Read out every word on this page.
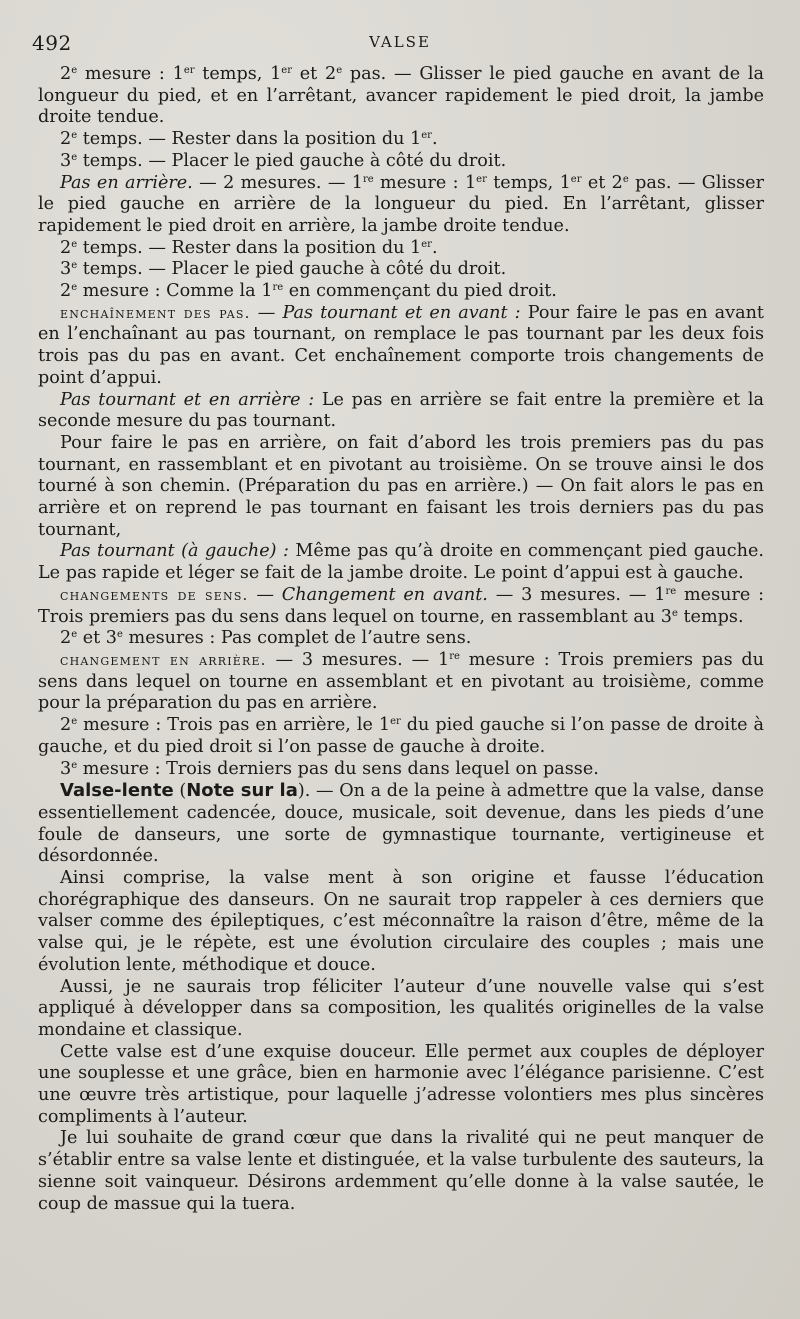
492	VALSE

2e mesure : 1er temps, 1er et 2e pas. — Glisser le pied gauche en avant de la longueur du pied, et en l’arrêtant, avancer rapidement le pied droit, la jambe droite tendue.

2e temps. — Rester dans la position du 1er.

3e temps. — Placer le pied gauche à côté du droit.

Pas en arrière. — 2 mesures. — 1re mesure : 1er temps, 1er et 2e pas. — Glisser le pied gauche en arrière de la longueur du pied. En l’arrêtant, glisser rapidement le pied droit en arrière, la jambe droite tendue.

2e temps. — Rester dans la position du 1er.

3e temps. — Placer le pied gauche à côté du droit.

2e mesure : Comme la 1re en commençant du pied droit.

enchaînement des pas. — Pas tournant et en avant : Pour faire le pas en avant en l’enchaînant au pas tournant, on remplace le pas tournant par les deux fois trois pas du pas en avant. Cet enchaînement comporte trois changements de point d’appui.

Pas tournant et en arrière : Le pas en arrière se fait entre la première et la seconde mesure du pas tournant.

Pour faire le pas en arrière, on fait d’abord les trois premiers pas du pas tournant, en rassemblant et en pivotant au troisième. On se trouve ainsi le dos tourné à son chemin. (Préparation du pas en arrière.) — On fait alors le pas en arrière et on reprend le pas tournant en faisant les trois derniers pas du pas tournant,

Pas tournant (à gauche) : Même pas qu’à droite en commençant pied gauche. Le pas rapide et léger se fait de la jambe droite. Le point d’appui est à gauche.

changements de sens. — Changement en avant. — 3 mesures. — 1re mesure : Trois premiers pas du sens dans lequel on tourne, en rassemblant au 3e temps.

2e et 3e mesures : Pas complet de l’autre sens.

changement en arrière. — 3 mesures. — 1re mesure : Trois premiers pas du sens dans lequel on tourne en assemblant et en pivotant au troisième, comme pour la préparation du pas en arrière.

2e mesure : Trois pas en arrière, le 1er du pied gauche si l’on passe de droite à gauche, et du pied droit si l’on passe de gauche à droite.

3e mesure : Trois derniers pas du sens dans lequel on passe.

Valse-lente (Note sur la). — On a de la peine à admettre que la valse, danse essentiellement cadencée, douce, musicale, soit devenue, dans les pieds d’une foule de danseurs, une sorte de gymnastique tournante, vertigineuse et désordonnée.

Ainsi comprise, la valse ment à son origine et fausse l’éducation chorégraphique des danseurs. On ne saurait trop rappeler à ces derniers que valser comme des épileptiques, c’est méconnaître la raison d’être, même de la valse qui, je le répète, est une évolution circulaire des couples ; mais une évolution lente, méthodique et douce.

Aussi, je ne saurais trop féliciter l’auteur d’une nouvelle valse qui s’est appliqué à développer dans sa composition, les qualités originelles de la valse mondaine et classique.

Cette valse est d’une exquise douceur. Elle permet aux couples de déployer une souplesse et une grâce, bien en harmonie avec l’élégance parisienne. C’est une œuvre très artistique, pour laquelle j’adresse volontiers mes plus sincères compliments à l’auteur.

Je lui souhaite de grand cœur que dans la rivalité qui ne peut manquer de s’établir entre sa valse lente et distinguée, et la valse turbulente des sauteurs, la sienne soit vainqueur. Désirons ardemment qu’elle donne à la valse sautée, le coup de massue qui la tuera.
